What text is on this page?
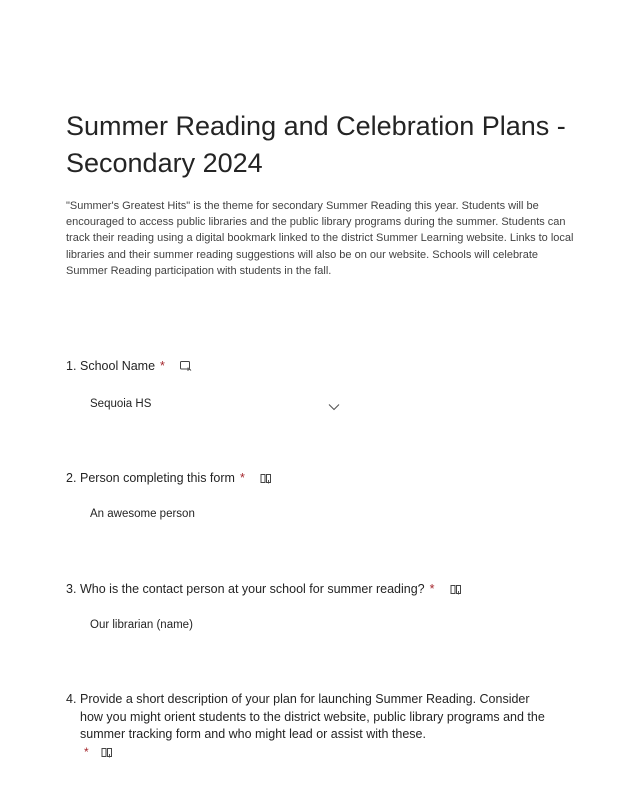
Summer Reading and Celebration Plans - Secondary 2024

"Summer's Greatest Hits" is the theme for secondary Summer Reading this year. Students will be encouraged to access public libraries and the public library programs during the summer. Students can track their reading using a digital bookmark linked to the district Summer Learning website. Links to local libraries and their summer reading suggestions will also be on our website. Schools will celebrate Summer Reading participation with students in the fall.

1. School Name *
Sequoia HS
2. Person completing this form *
An awesome person
3. Who is the contact person at your school for summer reading? *
Our librarian (name)
4. Provide a short description of your plan for launching Summer Reading. Consider how you might orient students to the district website, public library programs and the summer tracking form and who might lead or assist with these.
*
